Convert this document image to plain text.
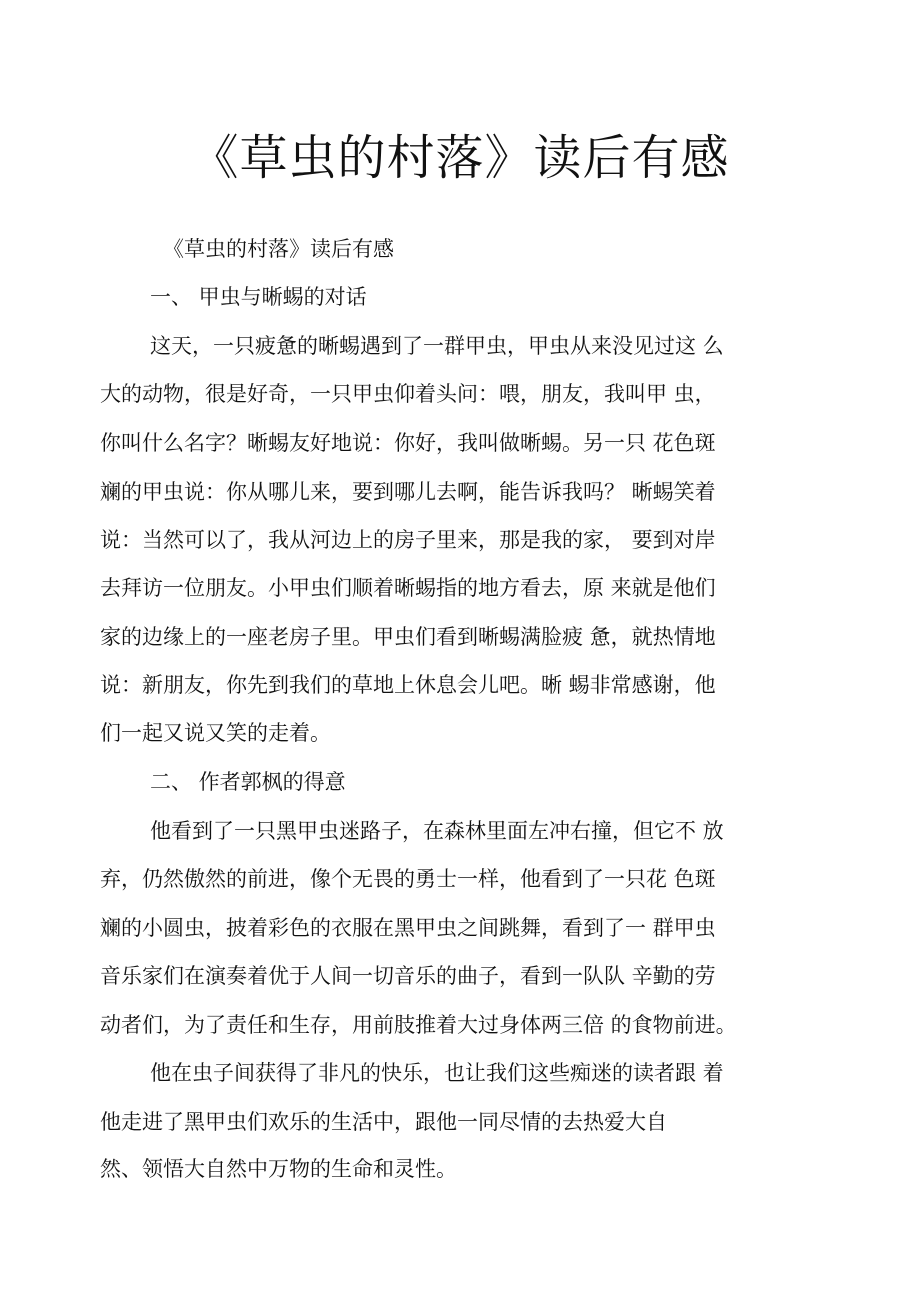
《草虫的村落》读后有感

《草虫的村落》读后有感

一、 甲虫与晰蜴的对话

这天，一只疲惫的晰蜴遇到了一群甲虫，甲虫从来没见过这 么

大的动物，很是好奇，一只甲虫仰着头问：喂，朋友，我叫甲 虫，

你叫什么名字？晰蜴友好地说：你好，我叫做晰蜴。另一只 花色斑

斓的甲虫说：你从哪儿来，要到哪儿去啊，能告诉我吗？ 晰蜴笑着

说：当然可以了，我从河边上的房子里来，那是我的家， 要到对岸

去拜访一位朋友。小甲虫们顺着晰蜴指的地方看去，原 来就是他们

家的边缘上的一座老房子里。甲虫们看到晰蜴满脸疲 惫，就热情地

说：新朋友，你先到我们的草地上休息会儿吧。晰 蜴非常感谢，他

们一起又说又笑的走着。

二、 作者郭枫的得意

他看到了一只黑甲虫迷路子，在森林里面左冲右撞，但它不 放

弃，仍然傲然的前进，像个无畏的勇士一样，他看到了一只花 色斑

斓的小圆虫，披着彩色的衣服在黑甲虫之间跳舞，看到了一 群甲虫

音乐家们在演奏着优于人间一切音乐的曲子，看到一队队 辛勤的劳

动者们，为了责任和生存，用前肢推着大过身体两三倍 的食物前进。

他在虫子间获得了非凡的快乐，也让我们这些痴迷的读者跟 着

他走进了黑甲虫们欢乐的生活中，跟他一同尽情的去热爱大自

然、领悟大自然中万物的生命和灵性。
